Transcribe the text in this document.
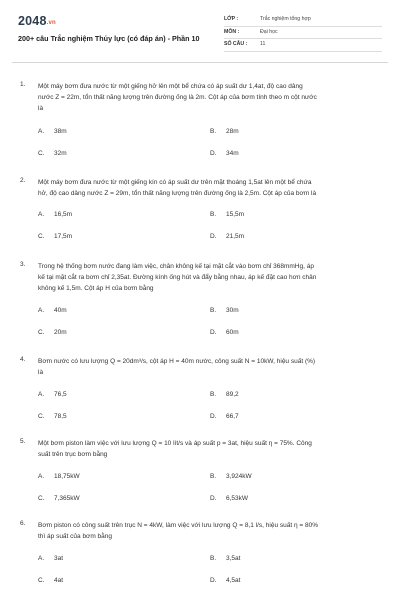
2048.vn
200+ câu Trắc nghiệm Thủy lực (có đáp án) - Phần 10
LỚP :	Trắc nghiệm tổng hợp
MÔN :	Đại học
SỐ CÂU : 11
1. Một máy bơm đưa nước từ một giếng hở lên một bể chứa có áp suất dư 1,4at, độ cao dâng
nước Z = 22m, tổn thất năng lượng trên đường ống là 2m. Cột áp của bơm tính theo m cột nước
là
A. 38m	B. 28m
C. 32m	D. 34m
2. Một máy bơm đưa nước từ một giếng kín có áp suất dư trên mặt thoáng 1,5at lên một bể chứa
hở, độ cao dâng nước Z = 29m, tổn thất năng lượng trên đường ống là 2,5m. Cột áp của bơm là
A. 16,5m	B. 15,5m
C. 17,5m	D. 21,5m
3. Trong hệ thống bơm nước đang làm việc, chân không kế tại mặt cắt vào bơm chỉ 368mmHg, áp
kế tại mặt cắt ra bơm chỉ 2,35at. Đường kính ống hút và đẩy bằng nhau, áp kế đặt cao hơn chân
không kế 1,5m. Cột áp H của bơm bằng
A. 40m	B. 30m
C. 20m	D. 60m
4. Bơm nước có lưu lượng Q = 20dm³/s, cột áp H = 40m nước, công suất N = 10kW, hiệu suất (%)
là
A. 76,5	B. 89,2
C. 78,5	D. 66,7
5. Một bơm piston làm việc với lưu lượng Q = 10 lít/s và áp suất p = 3at, hiệu suất η = 75%. Công
suất trên trục bơm bằng
A. 18,75kW	B. 3,924kW
C. 7,365kW	D. 6,53kW
6. Bơm piston có công suất trên trục N = 4kW, làm việc với lưu lượng Q = 8,1 l/s, hiệu suất η = 80%
thì áp suất của bơm bằng
A. 3at	B. 3,5at
C. 4at	D. 4,5at
